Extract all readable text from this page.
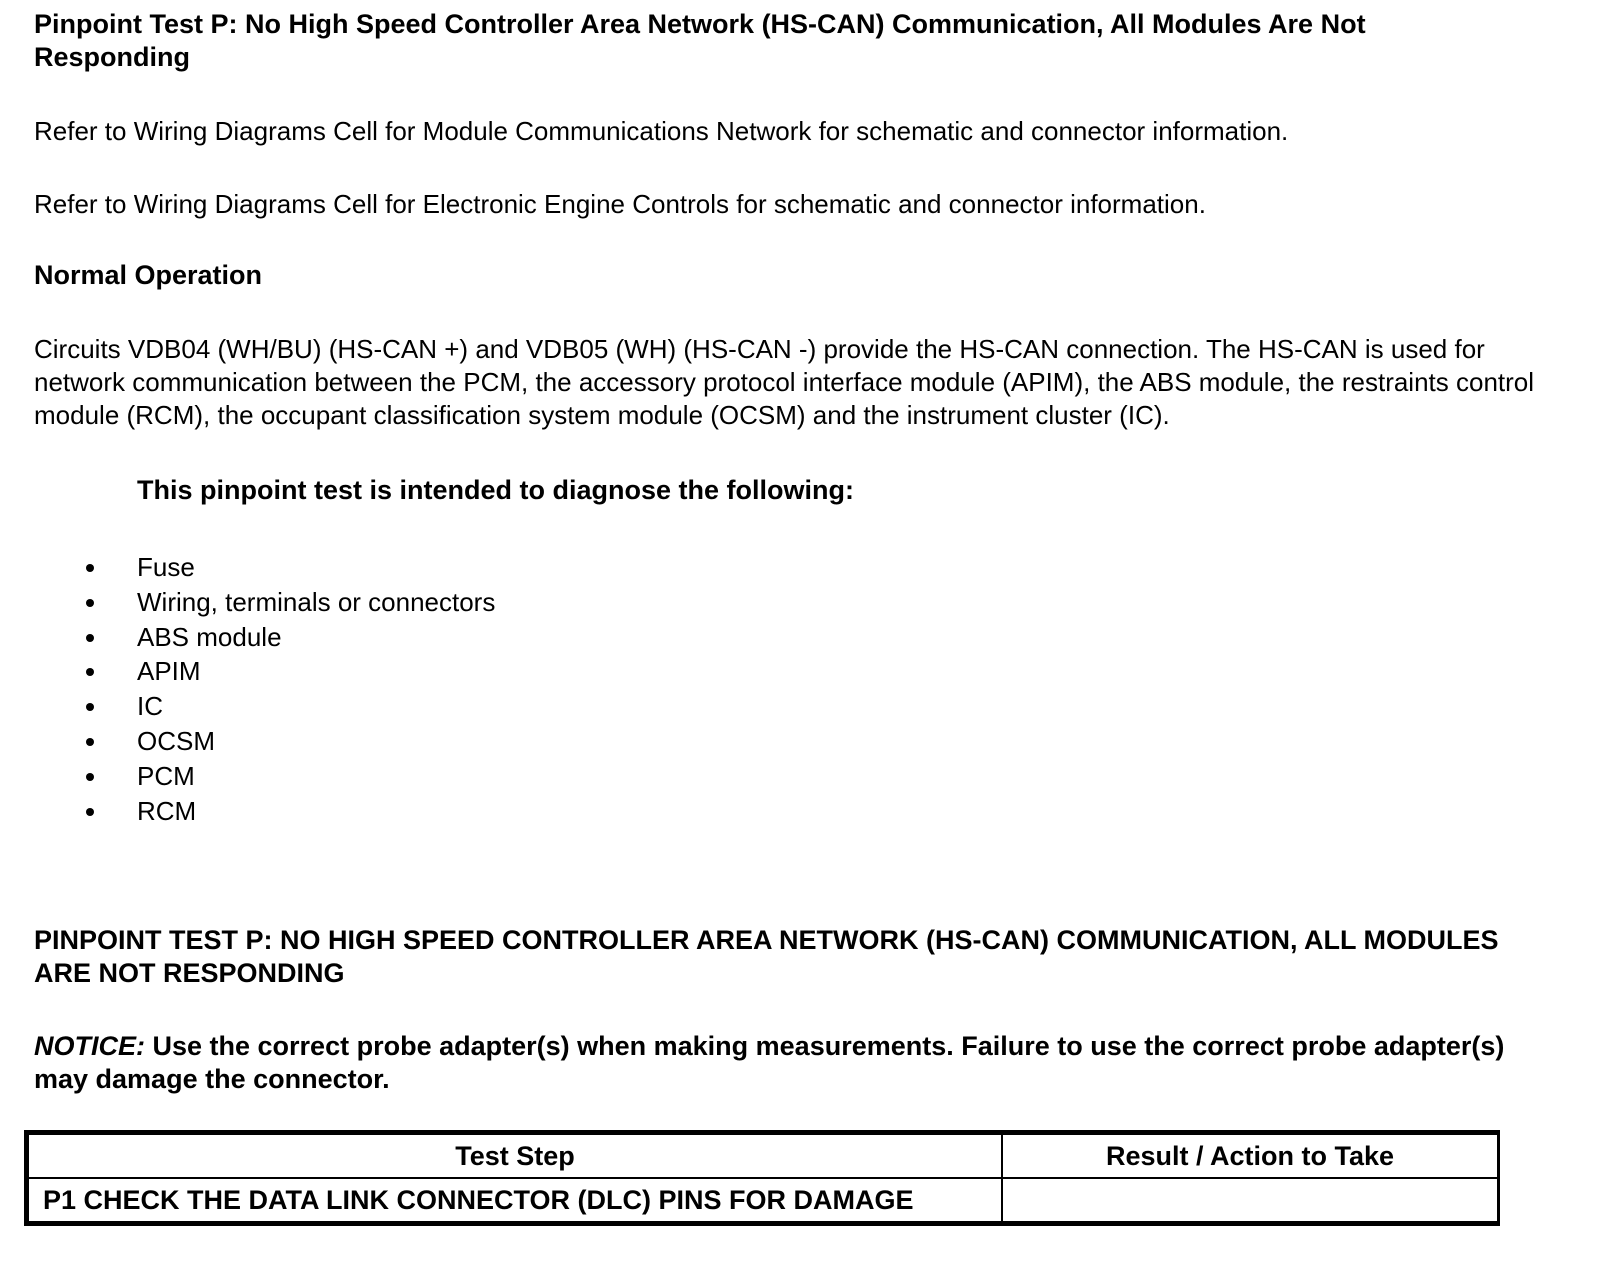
Pinpoint Test P: No High Speed Controller Area Network (HS-CAN) Communication, All Modules Are Not Responding

Refer to Wiring Diagrams Cell for Module Communications Network for schematic and connector information.

Refer to Wiring Diagrams Cell for Electronic Engine Controls for schematic and connector information.

Normal Operation

Circuits VDB04 (WH/BU) (HS-CAN +) and VDB05 (WH) (HS-CAN -) provide the HS-CAN connection. The HS-CAN is used for network communication between the PCM, the accessory protocol interface module (APIM), the ABS module, the restraints control module (RCM), the occupant classification system module (OCSM) and the instrument cluster (IC).

This pinpoint test is intended to diagnose the following:

Fuse
Wiring, terminals or connectors
ABS module
APIM
IC
OCSM
PCM
RCM

PINPOINT TEST P: NO HIGH SPEED CONTROLLER AREA NETWORK (HS-CAN) COMMUNICATION, ALL MODULES ARE NOT RESPONDING

NOTICE: Use the correct probe adapter(s) when making measurements. Failure to use the correct probe adapter(s) may damage the connector.

Test Step	Result / Action to Take
P1 CHECK THE DATA LINK CONNECTOR (DLC) PINS FOR DAMAGE	
